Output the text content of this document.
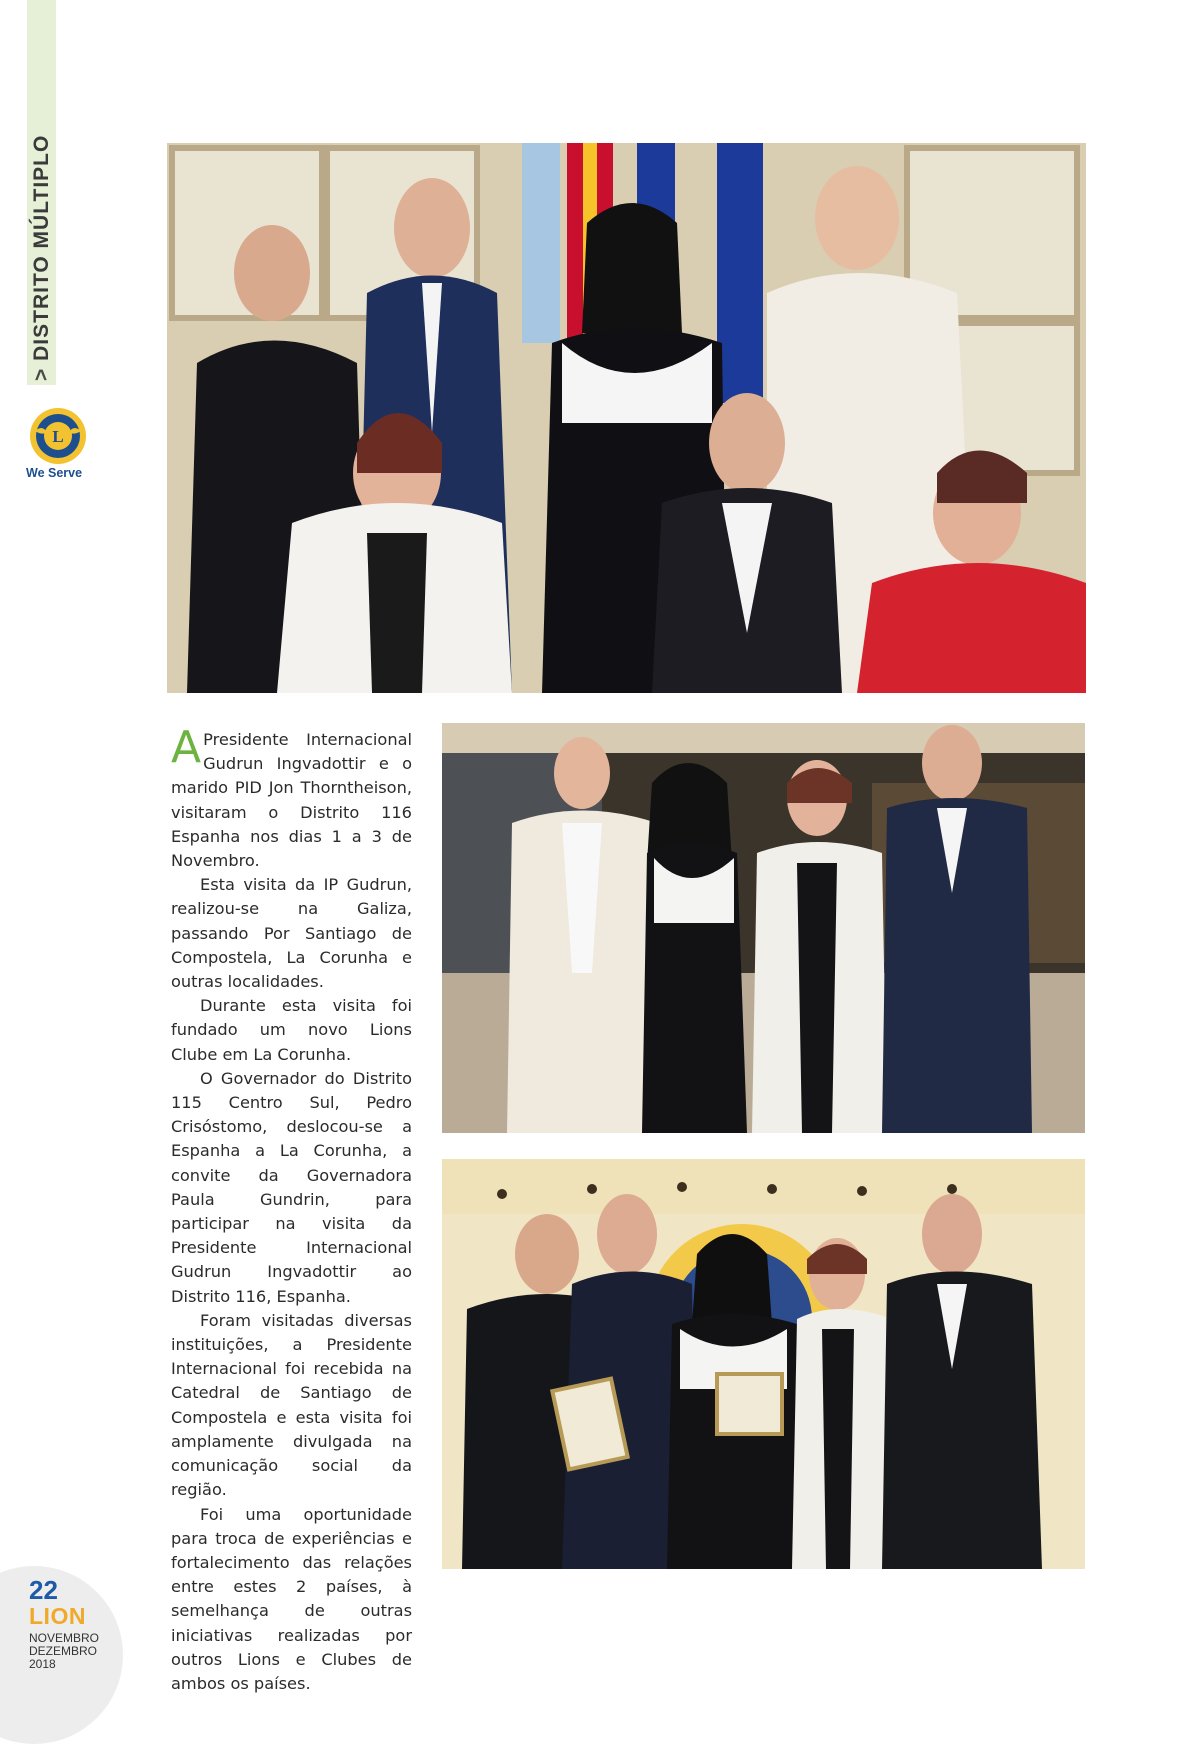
> DISTRITO MÚLTIPLO
L
We Serve

A Presidente Internacional Gudrun Ingvadottir e o marido PID Jon Thorntheison, visitaram o Distrito 116 Espanha nos dias 1 a 3 de Novembro.

Esta visita da IP Gudrun, realizou-se na Galiza, passando Por Santiago de Compostela, La Corunha e outras localidades.

Durante esta visita foi fundado um novo Lions Clube em La Corunha.

O Governador do Distrito 115 Centro Sul, Pedro Crisóstomo, deslocou-se a Espanha a La Corunha, a convite da Governadora Paula Gundrin, para participar na visita da Presidente Internacional Gudrun Ingvadottir ao Distrito 116, Espanha.

Foram visitadas diversas instituições, a Presidente Internacional foi recebida na Catedral de Santiago de Compostela e esta visita foi amplamente divulgada na comunicação social da região.

Foi uma oportunidade para troca de experiências e fortalecimento das relações entre estes 2 países, à semelhança de outras iniciativas realizadas por outros Lions e Clubes de ambos os países.

22
LION
NOVEMBRO
DEZEMBRO
2018
